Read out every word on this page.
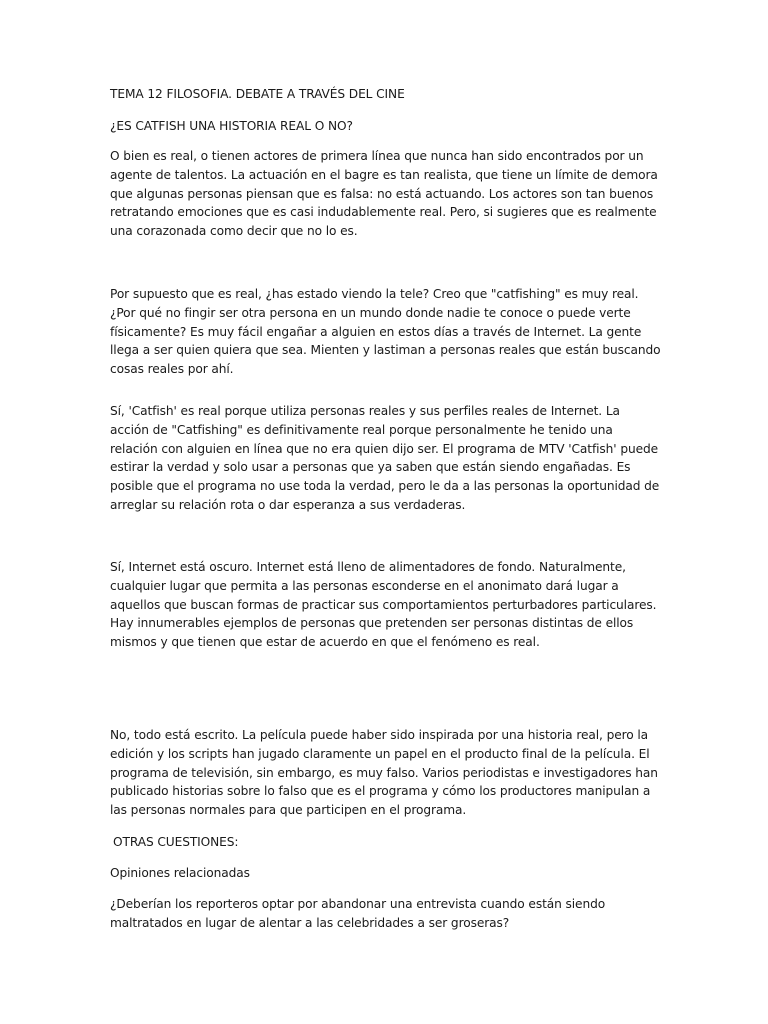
TEMA 12 FILOSOFIA. DEBATE A TRAVÉS DEL CINE
¿ES CATFISH UNA HISTORIA REAL O NO?

O bien es real, o tienen actores de primera línea que nunca han sido encontrados por un agente de talentos. La actuación en el bagre es tan realista, que tiene un límite de demora que algunas personas piensan que es falsa: no está actuando. Los actores son tan buenos retratando emociones que es casi indudablemente real. Pero, si sugieres que es realmente una corazonada como decir que no lo es.

Por supuesto que es real, ¿has estado viendo la tele? Creo que "catfishing" es muy real. ¿Por qué no fingir ser otra persona en un mundo donde nadie te conoce o puede verte físicamente? Es muy fácil engañar a alguien en estos días a través de Internet. La gente llega a ser quien quiera que sea. Mienten y lastiman a personas reales que están buscando cosas reales por ahí.

Sí, 'Catfish' es real porque utiliza personas reales y sus perfiles reales de Internet. La acción de "Catfishing" es definitivamente real porque personalmente he tenido una relación con alguien en línea que no era quien dijo ser. El programa de MTV 'Catfish' puede estirar la verdad y solo usar a personas que ya saben que están siendo engañadas. Es posible que el programa no use toda la verdad, pero le da a las personas la oportunidad de arreglar su relación rota o dar esperanza a sus verdaderas.

Sí, Internet está oscuro. Internet está lleno de alimentadores de fondo. Naturalmente, cualquier lugar que permita a las personas esconderse en el anonimato dará lugar a aquellos que buscan formas de practicar sus comportamientos perturbadores particulares. Hay innumerables ejemplos de personas que pretenden ser personas distintas de ellos mismos y que tienen que estar de acuerdo en que el fenómeno es real.

No, todo está escrito. La película puede haber sido inspirada por una historia real, pero la edición y los scripts han jugado claramente un papel en el producto final de la película. El programa de televisión, sin embargo, es muy falso. Varios periodistas e investigadores han publicado historias sobre lo falso que es el programa y cómo los productores manipulan a las personas normales para que participen en el programa.

OTRAS CUESTIONES:
Opiniones relacionadas

¿Deberían los reporteros optar por abandonar una entrevista cuando están siendo maltratados en lugar de alentar a las celebridades a ser groseras?
